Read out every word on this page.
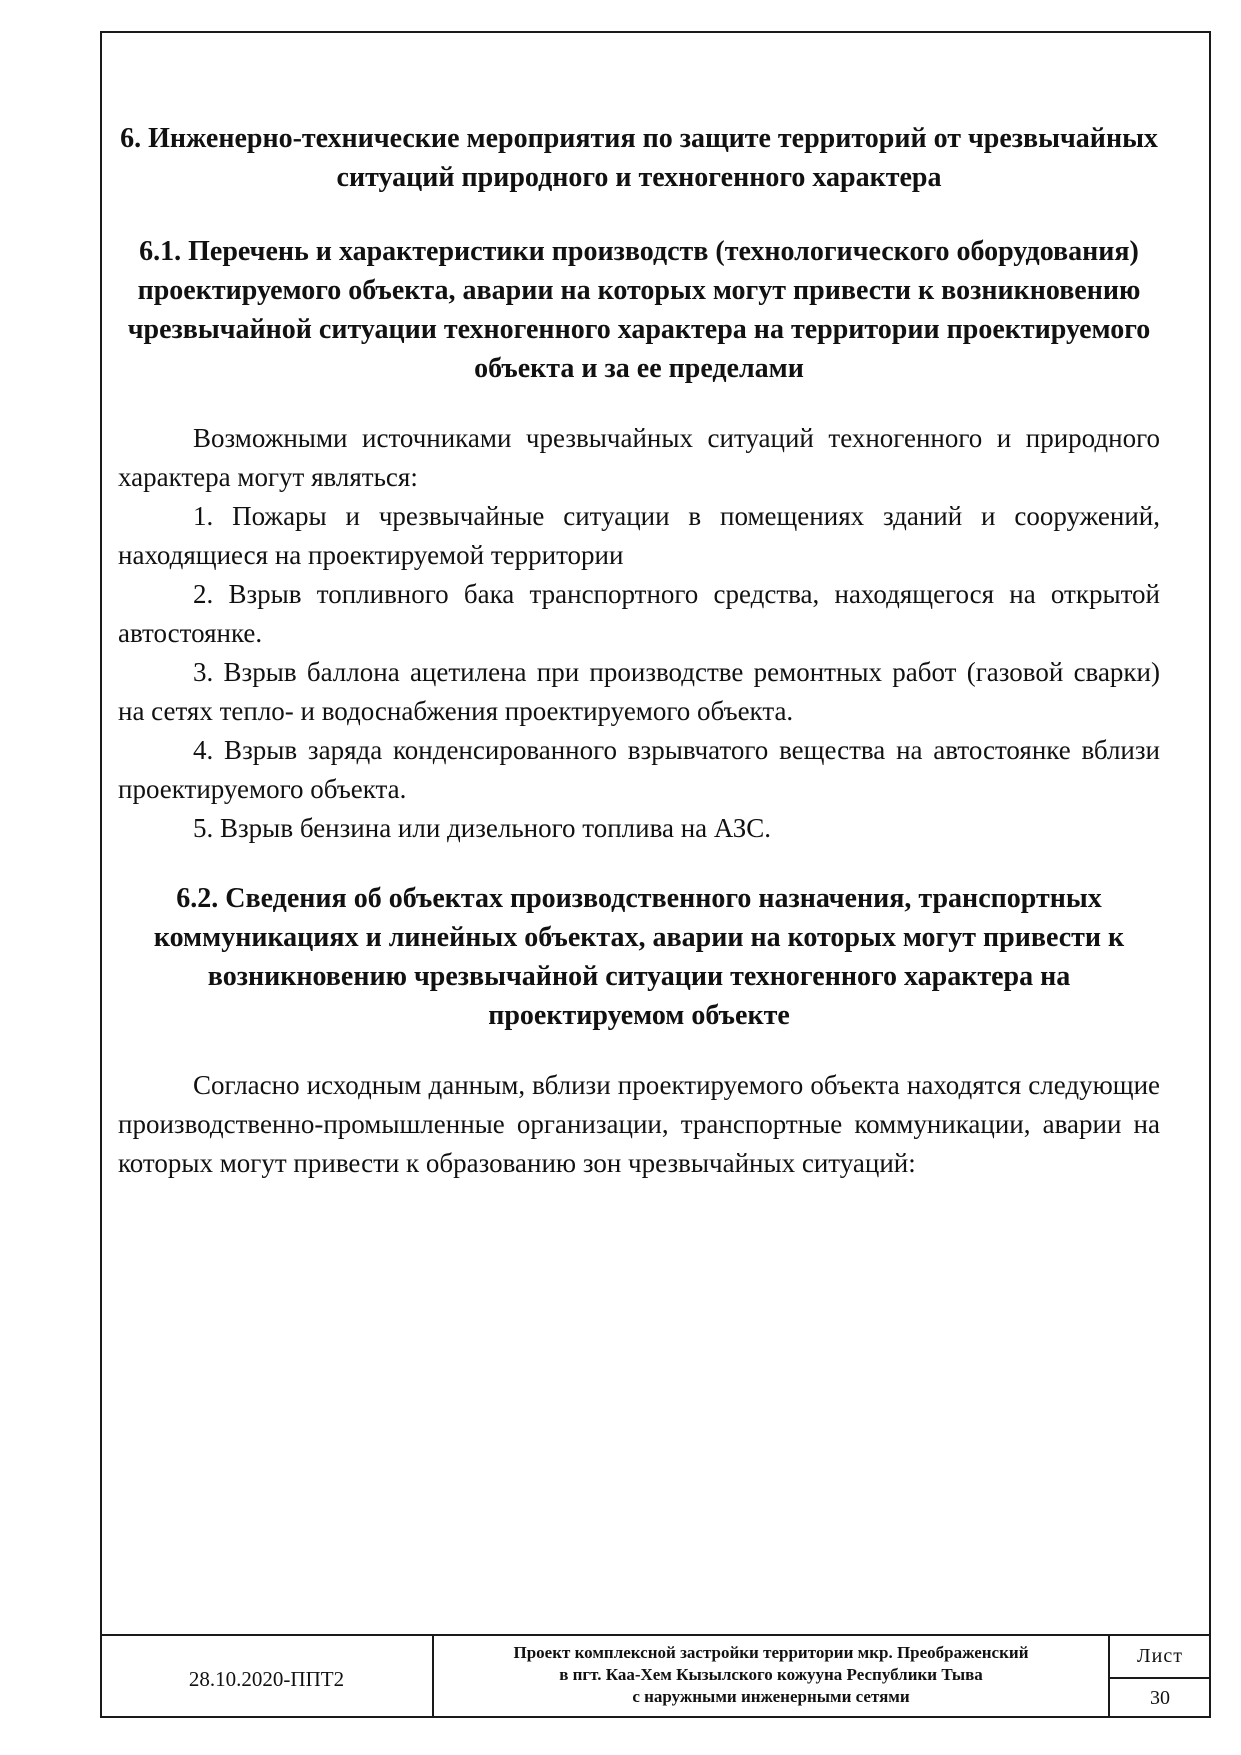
6. Инженерно-технические мероприятия по защите территорий от чрезвычайных ситуаций природного и техногенного характера
6.1. Перечень и характеристики производств (технологического оборудования) проектируемого объекта, аварии на которых могут привести к возникновению чрезвычайной ситуации техногенного характера на территории проектируемого объекта и за ее пределами

Возможными источниками чрезвычайных ситуаций техногенного и природного характера могут являться:

1. Пожары и чрезвычайные ситуации в помещениях зданий и сооружений, находящиеся на проектируемой территории

2. Взрыв топливного бака транспортного средства, находящегося на открытой автостоянке.

3. Взрыв баллона ацетилена при производстве ремонтных работ (газовой сварки) на сетях тепло- и водоснабжения проектируемого объекта.

4. Взрыв заряда конденсированного взрывчатого вещества на автостоянке вблизи проектируемого объекта.

5. Взрыв бензина или дизельного топлива на АЗС.

6.2. Сведения об объектах производственного назначения, транспортных коммуникациях и линейных объектах, аварии на которых могут привести к возникновению чрезвычайной ситуации техногенного характера на проектируемом объекте

Согласно исходным данным, вблизи проектируемого объекта находятся следующие производственно-промышленные организации, транспортные коммуникации, аварии на которых могут привести к образованию зон чрезвычайных ситуаций:

28.10.2020-ППТ2
Проект комплексной застройки территории мкр. Преображенский
в пгт. Каа-Хем Кызылского кожууна Республики Тыва
с наружными инженерными сетями
Лист
30
